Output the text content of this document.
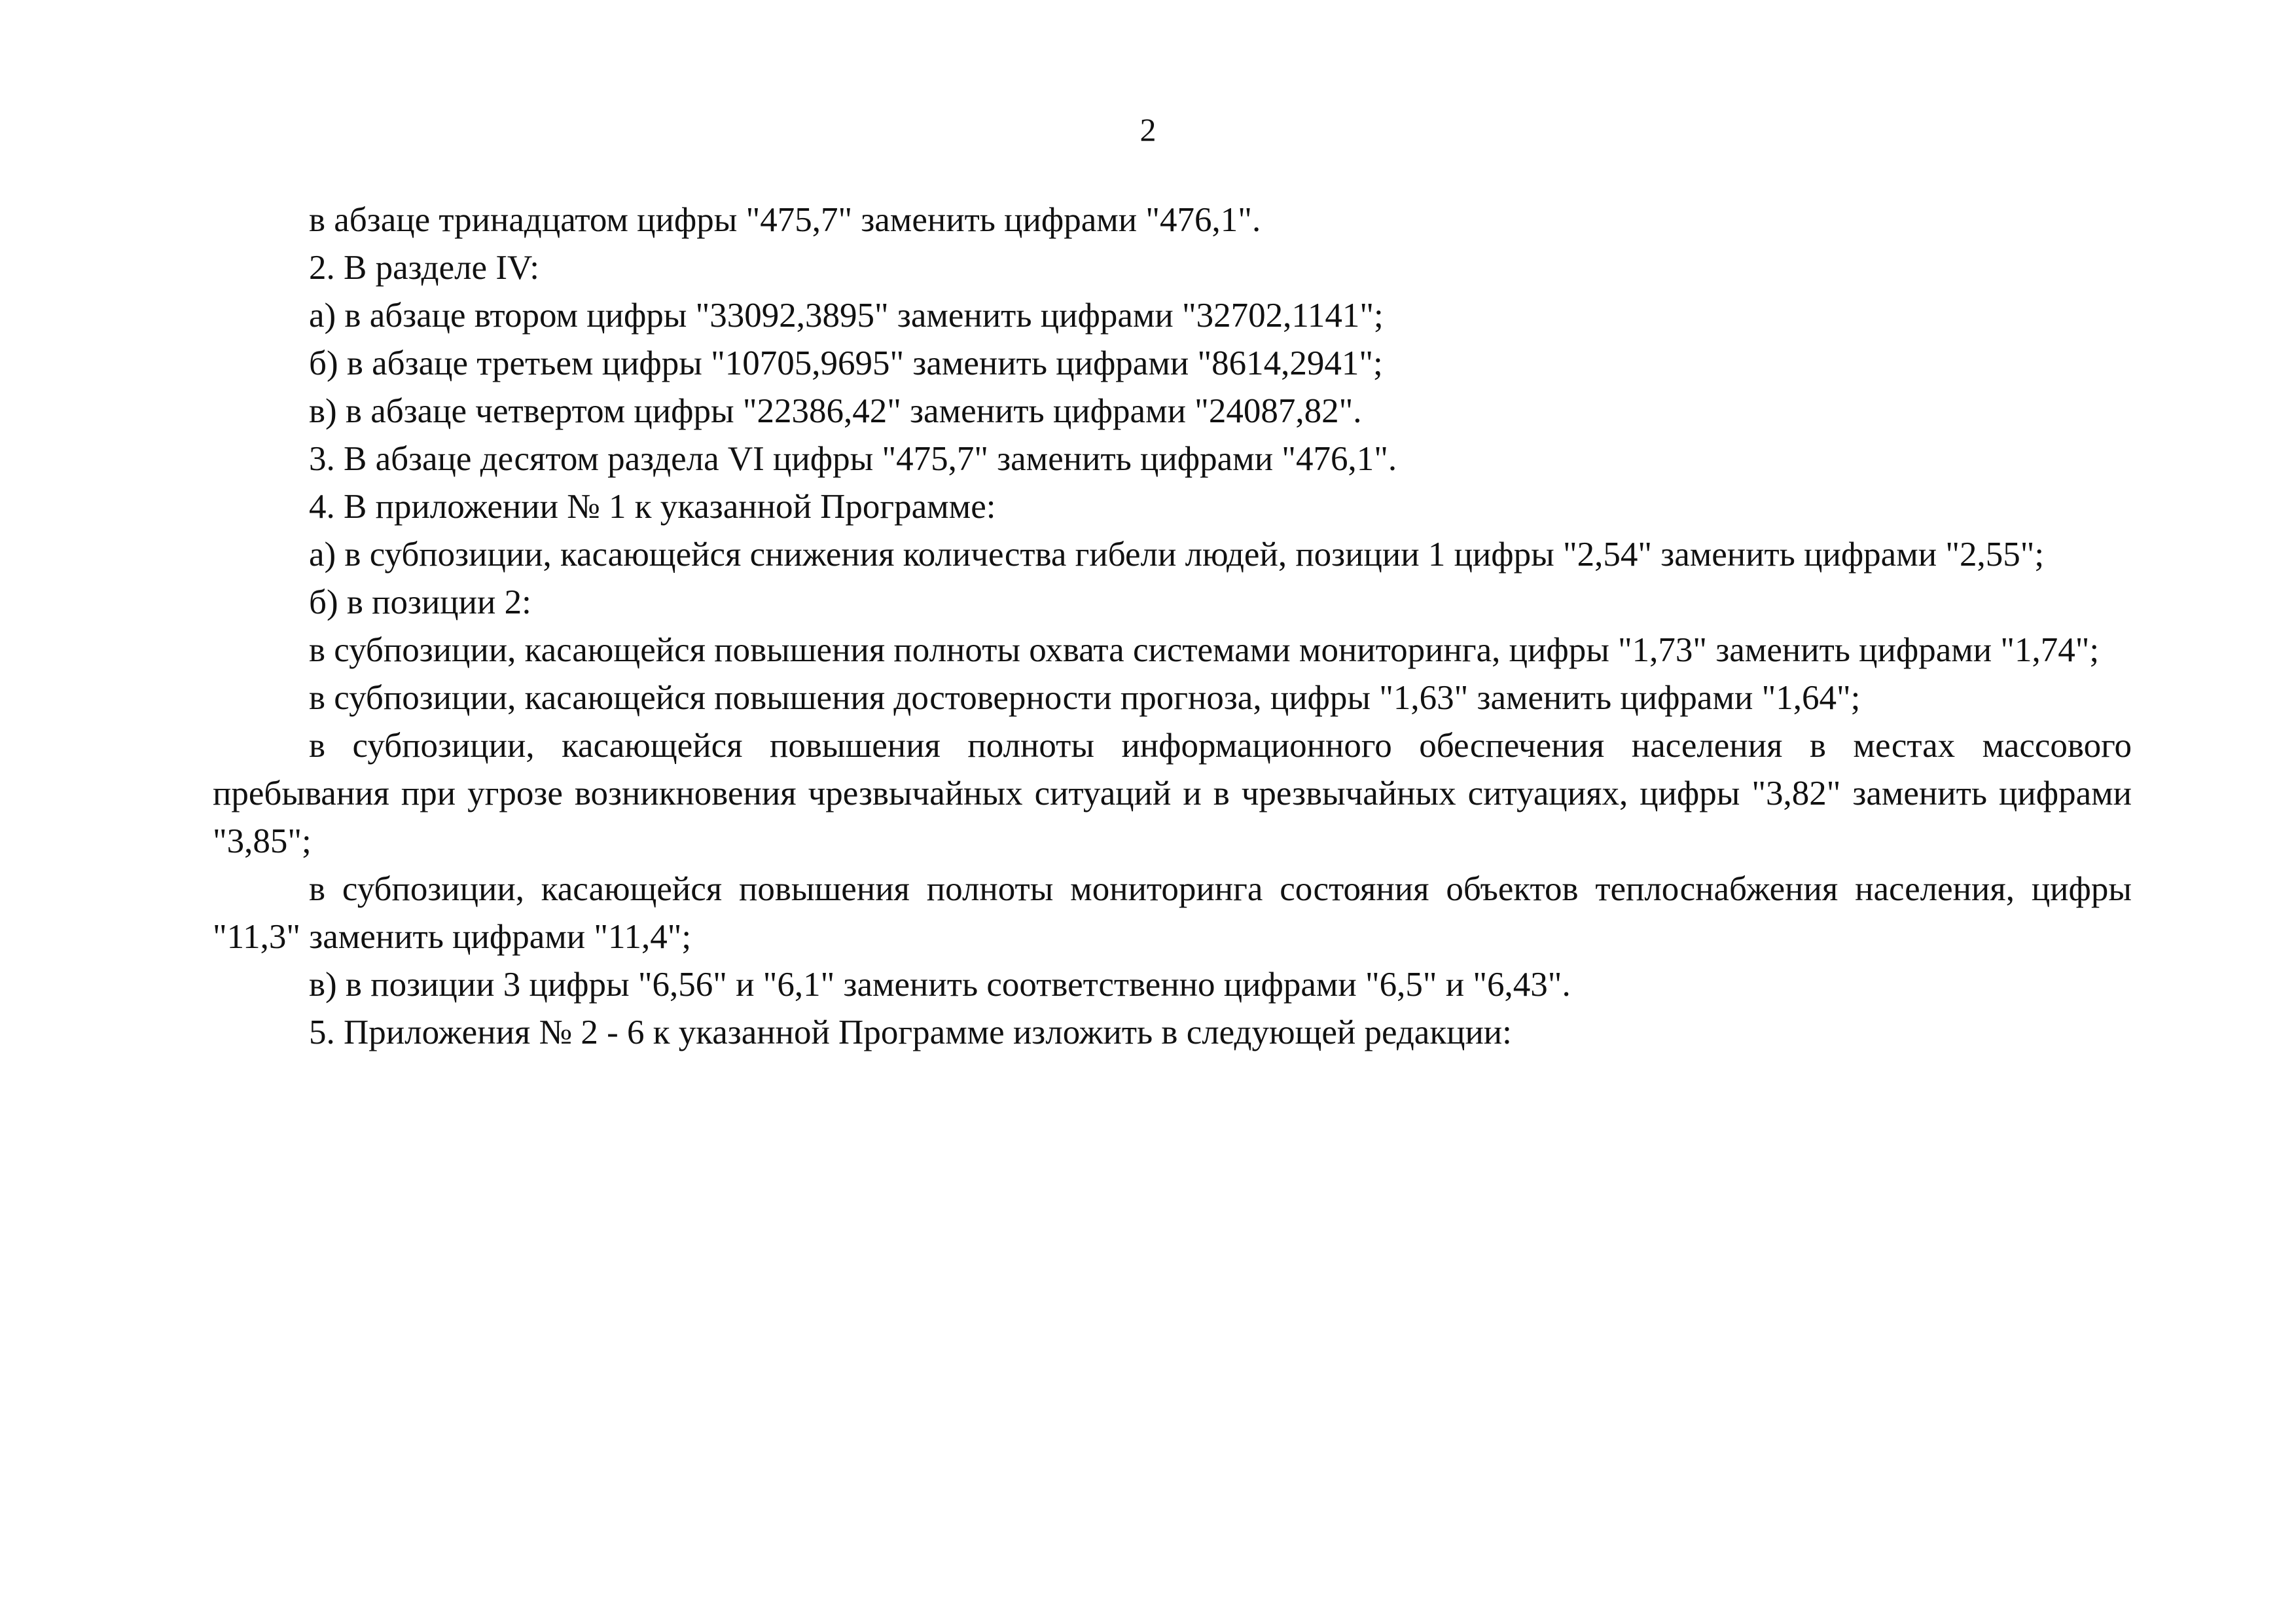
2

в абзаце тринадцатом цифры "475,7" заменить цифрами "476,1".

2. В разделе IV:

а) в абзаце втором цифры "33092,3895" заменить цифрами "32702,1141";

б) в абзаце третьем цифры "10705,9695" заменить цифрами "8614,2941";

в) в абзаце четвертом цифры "22386,42" заменить цифрами "24087,82".

3. В абзаце десятом раздела VI цифры "475,7" заменить цифрами "476,1".

4. В приложении № 1 к указанной Программе:

а) в субпозиции, касающейся снижения количества гибели людей, позиции 1 цифры "2,54" заменить цифрами "2,55";

б) в позиции 2:

в субпозиции, касающейся повышения полноты охвата системами мониторинга, цифры "1,73" заменить цифрами "1,74";

в субпозиции, касающейся повышения достоверности прогноза, цифры "1,63" заменить цифрами "1,64";

в субпозиции, касающейся повышения полноты информационного обеспечения населения в местах массового пребывания при угрозе возникновения чрезвычайных ситуаций и в чрезвычайных ситуациях, цифры "3,82" заменить цифрами "3,85";

в субпозиции, касающейся повышения полноты мониторинга состояния объектов теплоснабжения населения, цифры "11,3" заменить цифрами "11,4";

в) в позиции 3 цифры "6,56" и "6,1" заменить соответственно цифрами "6,5" и "6,43".

5. Приложения № 2 - 6 к указанной Программе изложить в следующей редакции:
